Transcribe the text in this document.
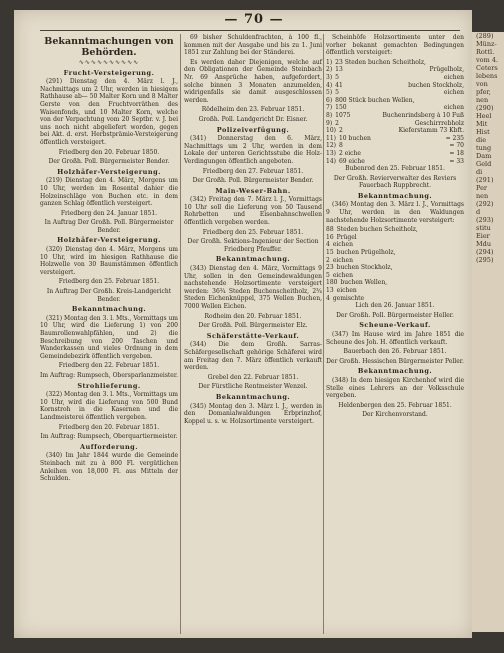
— 70 —
Bekanntmachungen von Behörden.
∿∿∿∿∿∿∿∿∿∿
Frucht-Versteigerung.
(291) Dienstag den 4. März l. J., Nachmittags um 2 Uhr, werden in hiesigem Rathhause ab— 50 Malter Korn und 8 Malter Gerste von den Fruchtvorräthen des Waisenfonds, und 10 Malter Korn, welche von der Verpachtung vom 20 Septbr. v. J. bei uns noch nicht abgeliefert worden, gegen bei Akt. d. erst. Herbstprämie-Versteigerung öffentlich versteigert.
Friedberg den 20. Februar 1850.
Der Großh. Poll. Bürgermeister Bender.
Holzhäfer-Versteigerung.
(219) Dienstag den 4. März, Morgens um 10 Uhr, werden im Rosental dahier die Holzeinschläge von Buchen etc. in dem ganzen Schlag öffentlich versteigert.
Friedberg den 24. Januar 1851.
In Auftrag Der Großh. Poll. Bürgermeister Bender.
Holzhäfer-Versteigerung.
(320) Dienstag den 4. März, Morgens um 10 Uhr, wird im hiesigen Rathhause die Holzwelle von 30 Baumstämmen öffentlich versteigert.
Friedberg den 25. Februar 1851.
In Auftrag Der Großh. Kreis-Landgericht Bender.
Bekanntmachung.
(321) Montag den 3. l. Mts., Vormittags um 10 Uhr, wird die Lieferung 1) von 200 Baumrollenwahlpfählen, und 2) die Beschreibung von 200 Taschen und Wanderkassen und vieles Ordnung in dem Gemeindebezirk öffentlich vergeben.
Friedberg den 22. Februar 1851.
Im Auftrag: Rumpsech, Obersparlanzmeister.
Strohlieferung.
(322) Montag den 3. l. Mts., Vormittags um 10 Uhr, wird die Lieferung von 500 Bund Kornstroh in die Kasernen und die Landmeisterei öffentlich vergeben.
Friedberg den 20. Februar 1851.
Im Auftrag: Rumpsech, Oberquartiermeister.
Aufforderung.
(340) Im Jahr 1844 wurde die Gemeinde Steinbach mit zu à 800 Fl. vergütlichen Anleihen von 18,000 Fl. aus Mitteln der Schulden.
69 bisher Schuldenfrachten, à 100 fl., kommen mit der Ausgabe und bis zu 1. Juni 1851 zur Zahlung bei der Ständerei.
Es werden daher Diejenigen, welche auf den Obligationen der Gemeinde Steinbach Nr. 69 Ansprüche haben, aufgefordert, solche binnen 3 Monaten anzumelden, widrigenfalls sie damit ausgeschlossen werden.
Rödelheim den 23. Februar 1851.
Großh. Poll. Landgericht Dr. Eisner.
Polizeiverfügung.
(341) Donnerstag den 6. März, Nachmittags um 2 Uhr, werden in dem Lokale der unteren Gerichtsstube die Holz-Verdingungen öffentlich angeboten.
Friedberg den 27. Februar 1851.
Der Großh. Poll. Bürgermeister Bender.
Main-Weser-Bahn.
(342) Freitag den 7. März l. J., Vormittags 10 Uhr soll die Lieferung von 50 Tausend Rohrbetten und Eisenbahnschwellen öffentlich vergeben werden.
Friedberg den 25. Februar 1851.
Der Großh. Sektions-Ingenieur der Section Friedberg Pfeuffer.
Bekanntmachung.
(343) Dienstag den 4. März, Vormittags 9 Uhr, sollen in den Gemeindewaldungen nachstehende Holzsortimente versteigert werden: 36¾ Steden Buchenscheitholz, 2¾ Steden Eichenknüppel, 375 Wellen Buchen, 7000 Wellen Eichen.
Rodheim den 20. Februar 1851.
Der Großh. Poll. Bürgermeister Elz.
Schäferstätte-Verkauf.
(344) Die dem Großh. Sarras-Schäfergesellschaft gehörige Schäferei wird am Freitag den 7. März öffentlich verkauft werden.
Grebel den 22. Februar 1851.
Der Fürstliche Rentmeister Wenzel.
Bekanntmachung.
(345) Montag den 3. März l. J., werden in den Domanialwaldungen Erbprinzhof, Koppel u. s. w. Holzsortimente versteigert.
Scheinhöfe Holzsortimente unter den vorher bekannt gemachten Bedingungen öffentlich versteigert:
1) 23 Steden buchen Scheitholz,
2) 13	Prügelholz,
3) 5	eichen
4) 41	buchen Stockholz,
5) 5	eichen
6) 800 Stück buchen Wellen,
7) 150	eichen
8) 1075	Buchenrindsberg à 10 Fuß
9) 2	Geschirrrebholz
10) 2	Kieferstamm 73 Kbft.
11) 10 buchen	= 235
12) 8	= 70
13) 2 eiche	= 18
14) 69 eiche	= 33
Bubenrod den 25. Februar 1851.
Der Großh. Revierverwalter des Reviers Fauerbach Ruppbrecht.
Bekanntmachung.
(346) Montag den 3. März l. J., Vormittags 9 Uhr, werden in den Waldungen nachstehende Holzsortimente versteigert:
88 Steden buchen Scheitholz,
16 Prügel
4 eichen
15 buchen Prügelholz,
2 eichen
23 buchen Stockholz,
5 eichen
180 buchen Wellen,
13 eichen
4 gemischte
Lich den 26. Januar 1851.
Der Großh. Poll. Bürgermeister Heller.
Scheune-Verkauf.
(347) Im Hause wird im Jahre 1851 die Scheune des Joh. H. öffentlich verkauft.
Bauerbach den 26. Februar 1851.
Der Großh. Hessischen Bürgermeister Peller.
Bekanntmachung.
(348) In dem hiesigen Kirchenhof wird die Stelle eines Lehrers an der Volksschule vergeben.
Heldenbergen den 25. Februar 1851.
Der Kirchenvorstand.
(289)
Münz-
Rottl.
vom 4.
Ceters
lebens
von
pfer,
nen
(290)
Heel
Mit
Hist
die
tung
Dam
Geld
di
(291)
Per
nen
(292)
d
(293)
stitu
Eier
Mdu
(294)
(295)
